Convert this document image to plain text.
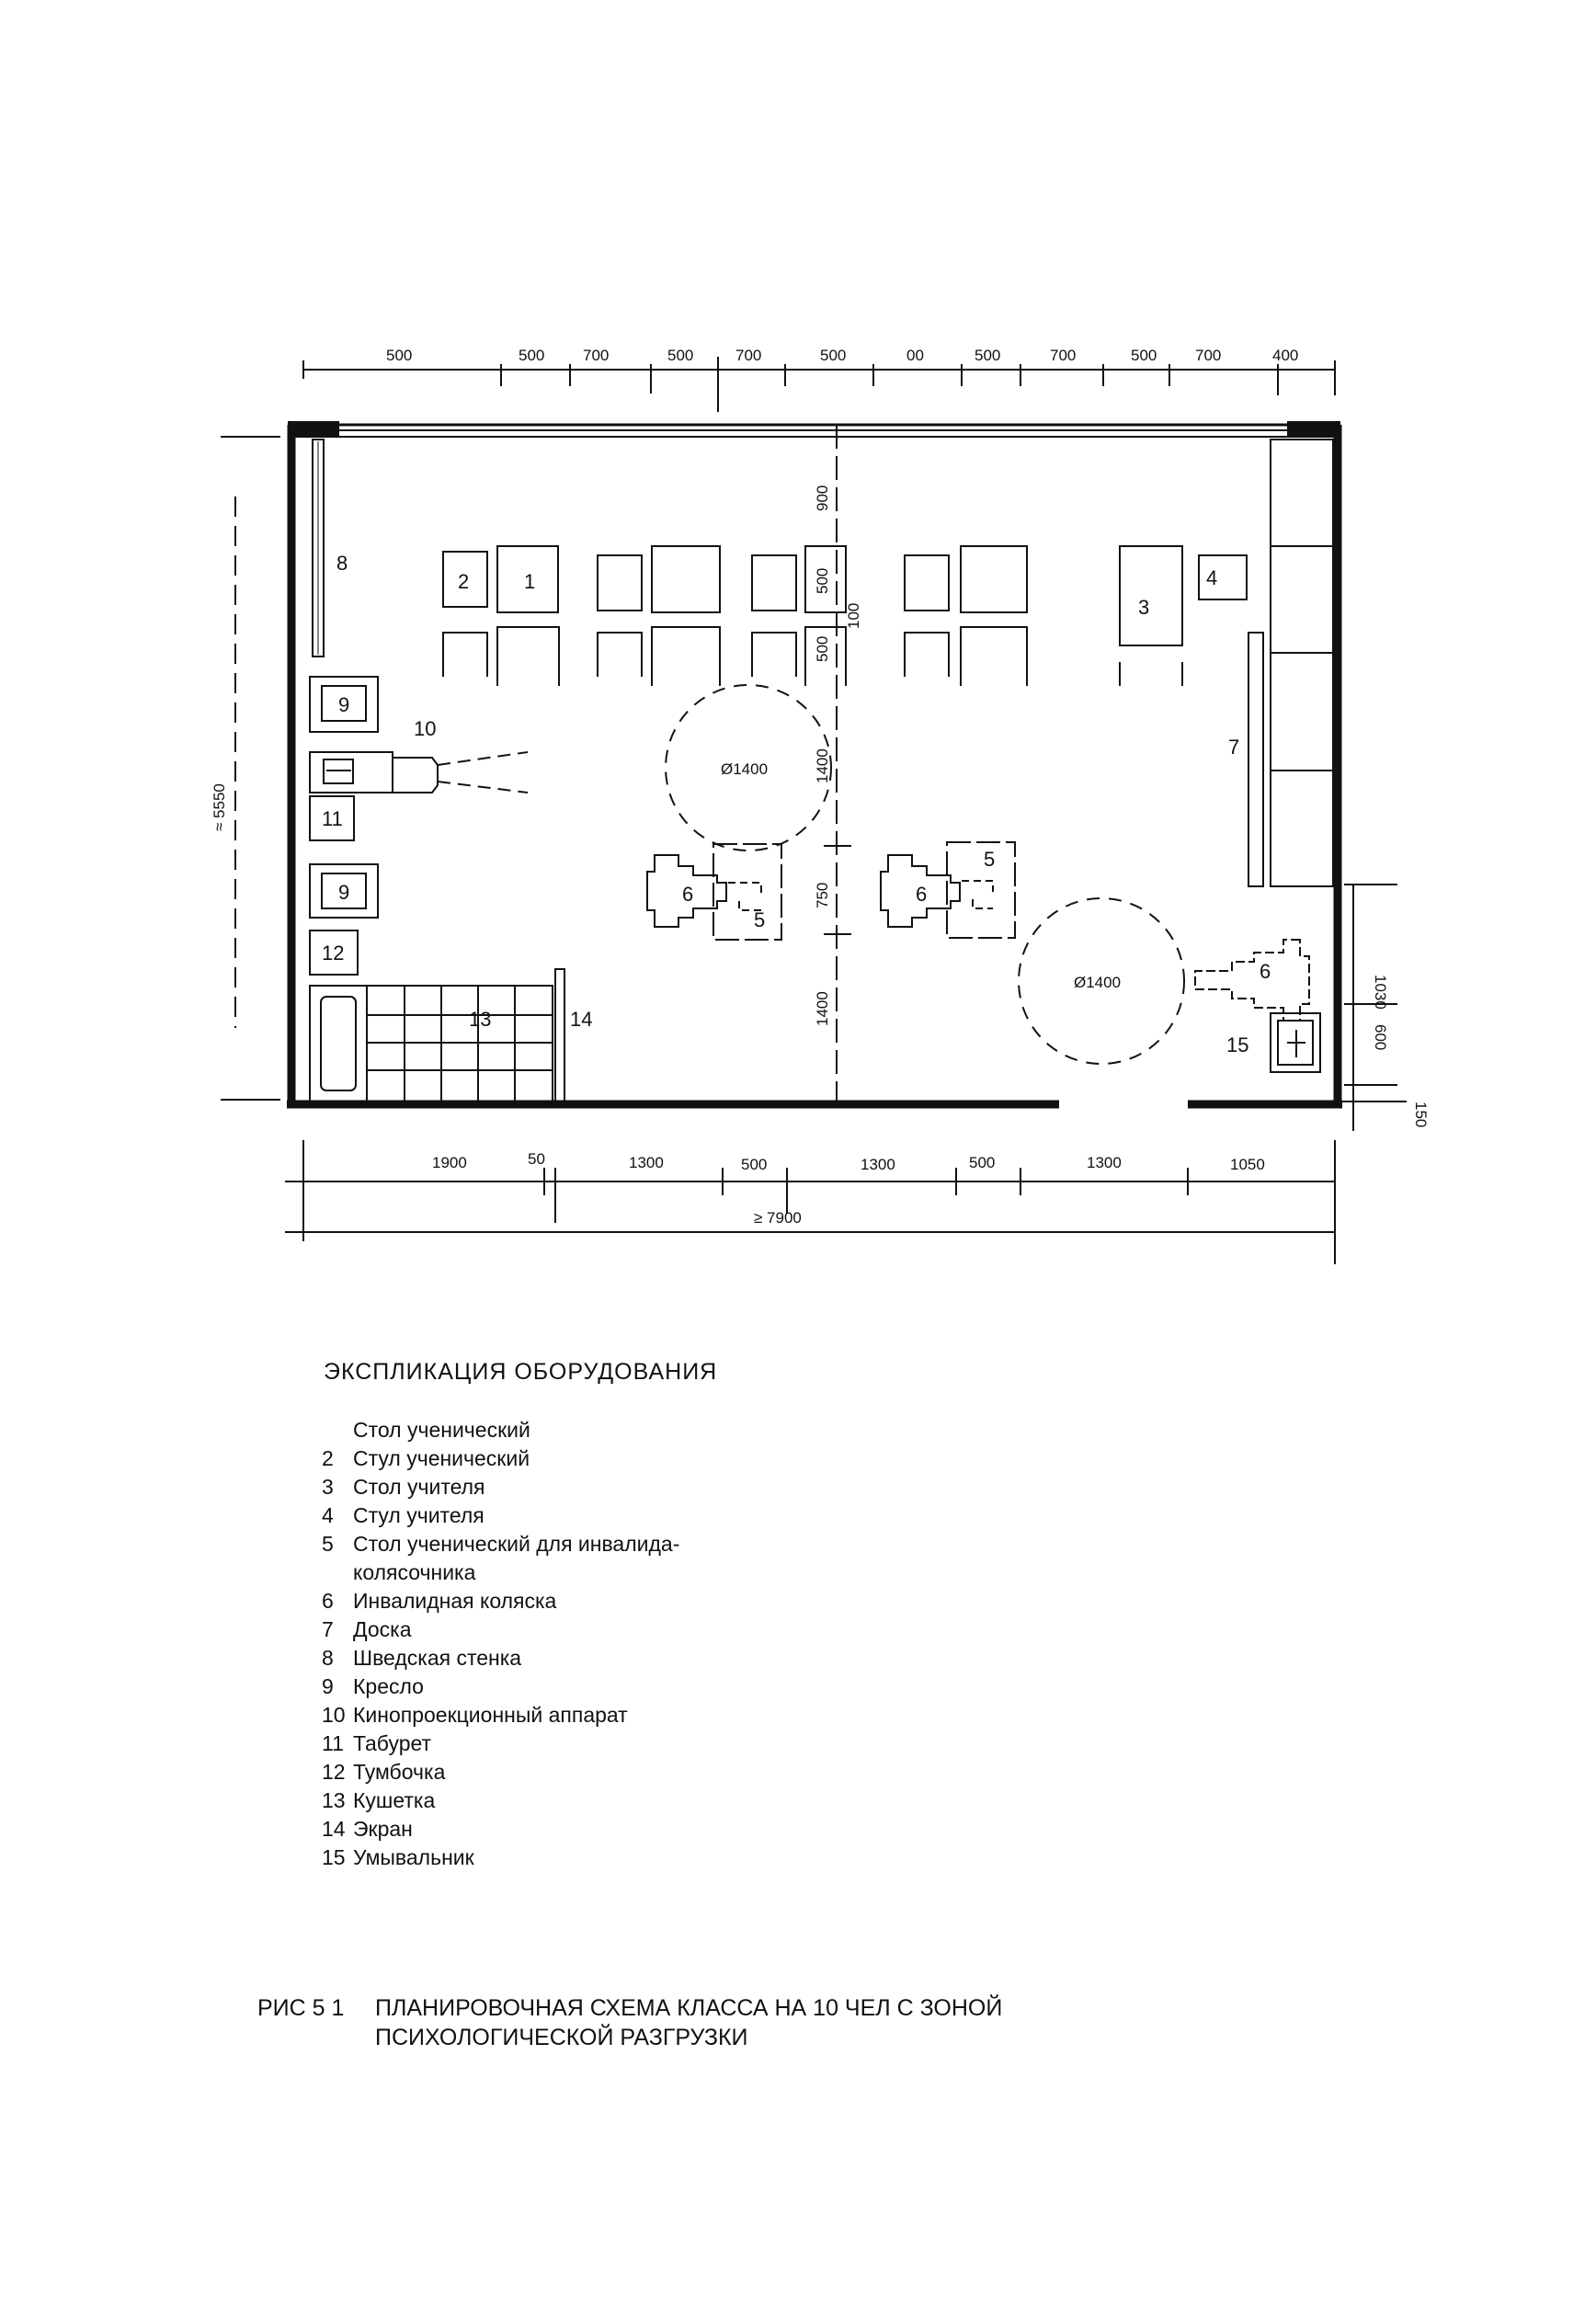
500	500 700	500	700	500	00	500	700	500 700	400
900
500
100
500
1400
750
1400
≈ 5550
1030
600
150
1900	50	1300	500	1300	500	1300	1050
≥ 7900
Ø1400
Ø1400
1
2
3
4
5
5
6	6
6
7
8
9
9
10
11
12
13	14
15
ЭКСПЛИКАЦИЯ ОБОРУДОВАНИЯ
Стол ученический
2 Стул ученический
3 Стол учителя
4 Стул учителя
5 Стол ученический для инвалида-
колясочника
6 Инвалидная коляска
7 Доска
8 Шведская стенка
9 Кресло
10 Кинопроекционный аппарат
11 Табурет
12 Тумбочка
13 Кушетка
14 Экран
15 Умывальник
РИС 5 1 ПЛАНИРОВОЧНАЯ СХЕМА КЛАССА НА 10 ЧЕЛ С ЗОНОЙ
ПСИХОЛОГИЧЕСКОЙ РАЗГРУЗКИ
